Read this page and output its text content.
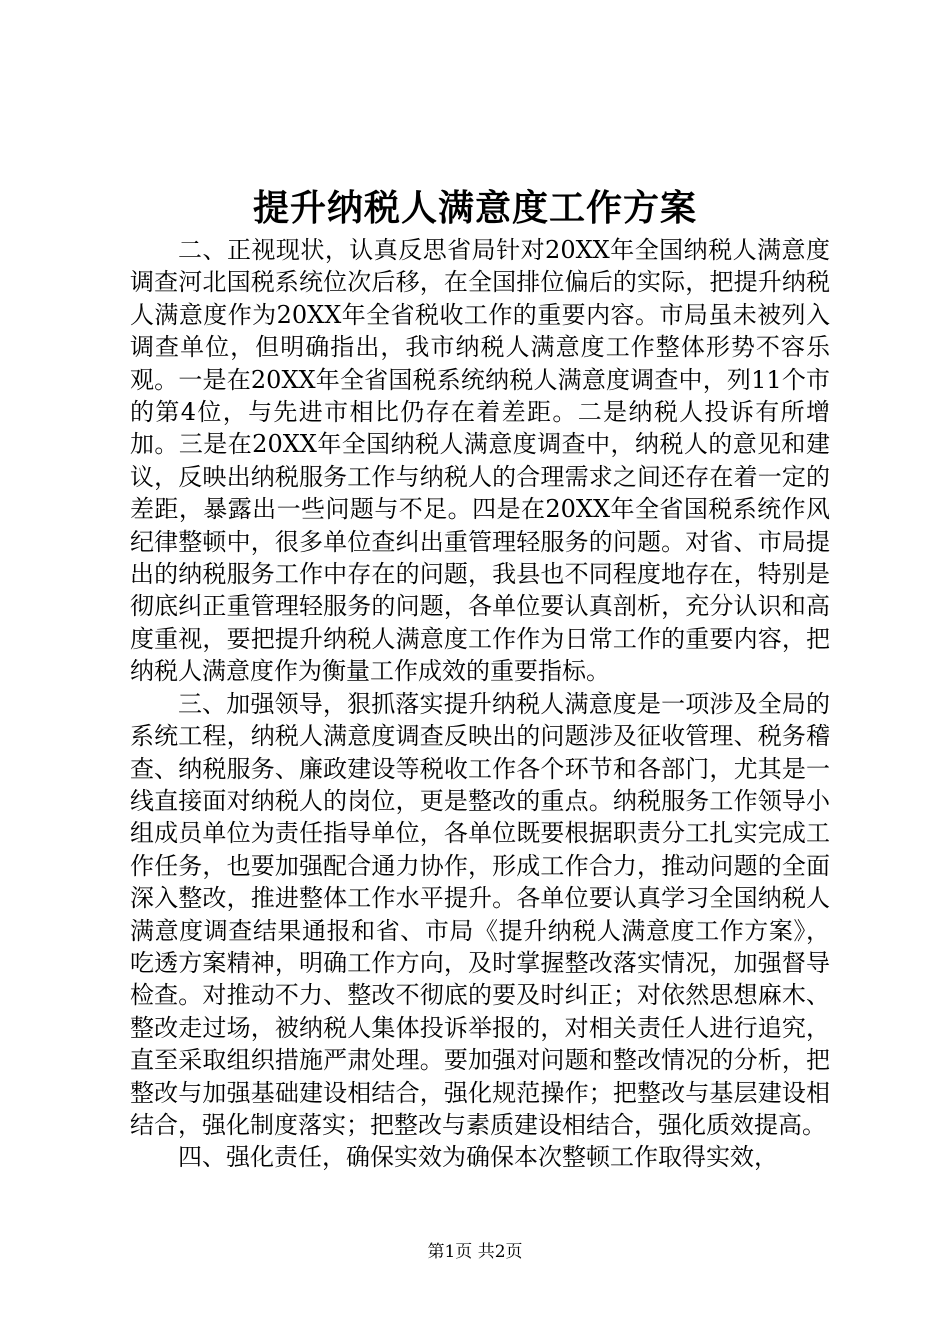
提升纳税人满意度工作方案

二、正视现状，认真反思省局针对20XX年全国纳税人满意度调查河北国税系统位次后移，在全国排位偏后的实际，把提升纳税人满意度作为20XX年全省税收工作的重要内容。市局虽未被列入调查单位，但明确指出，我市纳税人满意度工作整体形势不容乐观。一是在20XX年全省国税系统纳税人满意度调查中，列11个市的第4位，与先进市相比仍存在着差距。二是纳税人投诉有所增加。三是在20XX年全国纳税人满意度调查中，纳税人的意见和建议，反映出纳税服务工作与纳税人的合理需求之间还存在着一定的差距，暴露出一些问题与不足。四是在20XX年全省国税系统作风纪律整顿中，很多单位查纠出重管理轻服务的问题。对省、市局提出的纳税服务工作中存在的问题，我县也不同程度地存在，特别是彻底纠正重管理轻服务的问题，各单位要认真剖析，充分认识和高度重视，要把提升纳税人满意度工作作为日常工作的重要内容，把纳税人满意度作为衡量工作成效的重要指标。

三、加强领导，狠抓落实提升纳税人满意度是一项涉及全局的系统工程，纳税人满意度调查反映出的问题涉及征收管理、税务稽查、纳税服务、廉政建设等税收工作各个环节和各部门，尤其是一线直接面对纳税人的岗位，更是整改的重点。纳税服务工作领导小组成员单位为责任指导单位，各单位既要根据职责分工扎实完成工作任务，也要加强配合通力协作，形成工作合力，推动问题的全面深入整改，推进整体工作水平提升。各单位要认真学习全国纳税人满意度调查结果通报和省、市局《提升纳税人满意度工作方案》，吃透方案精神，明确工作方向，及时掌握整改落实情况，加强督导检查。对推动不力、整改不彻底的要及时纠正；对依然思想麻木、整改走过场，被纳税人集体投诉举报的，对相关责任人进行追究，直至采取组织措施严肃处理。要加强对问题和整改情况的分析，把整改与加强基础建设相结合，强化规范操作；把整改与基层建设相结合，强化制度落实；把整改与素质建设相结合，强化质效提高。

四、强化责任，确保实效为确保本次整顿工作取得实效，

第1页 共2页
